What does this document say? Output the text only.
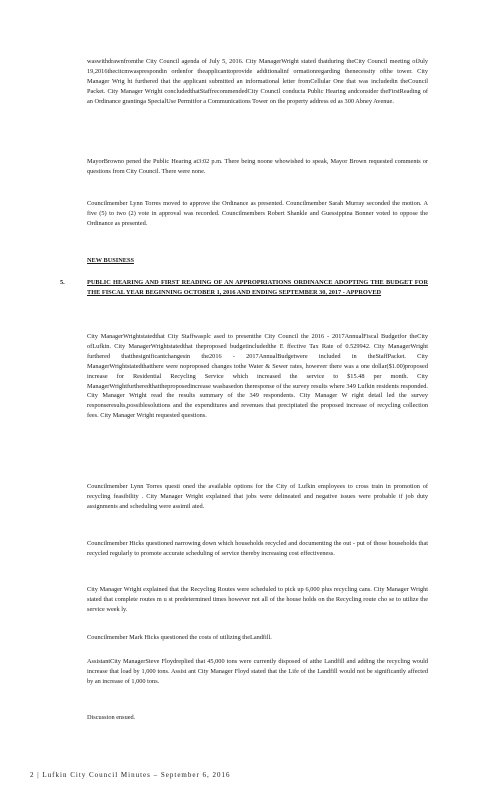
waswithdrawnfromthe City Council agenda of July 5, 2016. City ManagerWright stated thatduring theCity Council meeting ofJuly 19,2016thecitcmwasprespondin ordenfor theapplicanttoprovide additionalinf ormationregarding thenecessity ofthe tower. City Manager Wrig ht furthered that the applicant submitted an informational letter fromCellular One that was includedin theCouncil Packet. City Manager Wright concludedthatStaffrecommendedCity Council conducta Public Hearing andconsider theFirstReading of an Ordinance grantinga SpecialUse Permitfor a Communications Tower on the property address ed as 300 Abney Avenue.

MayorBrowno pened the Public Hearing at3:02 p.m. There being noone whowished to speak, Mayor Brown requested comments or questions from City Council. There were none.

Councilmember Lynn Torres moved to approve the Ordinance as presented. Councilmember Sarah Murray seconded the motion. A five (5) to two (2) vote in approval was recorded. Councilmembers Robert Shankle and Guessippina Bonner voted to oppose the Ordinance as presented.

NEW BUSINESS

5.	PUBLIC HEARING AND FIRST READING OF AN APPROPRIATIONS ORDINANCE ADOPTING THE BUDGET FOR THE FISCAL YEAR BEGINNING OCTOBER 1, 2016 AND ENDING SEPTEMBER 30, 2017 - APPROVED

City ManagerWrightstatedthat City Staffwasplc ased to presentthe City Council the 2016 - 2017AnnualFiscal Budgetfor theCity ofLufkin. City ManagerWrightstatedthat theproposed budgetincludedthe E ffective Tax Rate of 0.529942. City ManagerWright furthered thatthesignificantchangesin the2016 - 2017AnnualBudgetwere included in theStaffPacket. City ManagerWrightstatedthatthere were noproposed changes tothe Water & Sewer rates, however there was a one dollar($1.00)proposed increase for Residential Recycling Service which increased the service to $15.48 per month. City ManagerWrightfurtheredthattheproposedincrease wasbasedon theresponse of the survey results where 349 Lufkin residents responded. City Manager Wright read the results summary of the 349 respondents. City Manager W right detail led the survey responseresults,possiblesolutions and the expenditures and revenues that precipitated the proposed increase of recycling collection fees. City Manager Wright requested questions.

Councilmember Lynn Torres questi oned the available options for the City of Lufkin employees to cross train in promotion of recycling feasibility . City Manager Wright explained that jobs were delineated and negative issues were probable if job duty assignments and scheduling were assimil ated.

Councilmember Hicks questioned narrowing down which households recycled and documenting the out - put of those households that recycled regularly to promote accurate scheduling of service thereby increasing cost effectiveness.

City Manager Wright explained that the Recycling Routes were scheduled to pick up 6,000 plus recycling cans. City Manager Wright stated that complete routes m u st predetermined times however not all of the house holds on the Recycling route cho se to utilize the service week ly.

Councilmember Mark Hicks questioned the costs of utilizing theLandfill.

AssistantCity ManagerSteve Floydreplied that 45,000 tons were currently disposed of atthe Landfill and adding the recycling would increase that load by 1,000 tons. Assist ant City Manager Floyd stated that the Life of the Landfill would not be significantly affected by an increase of 1,000 tons.

Discussion ensued.

2 | Lufkin City Council Minutes – September 6, 2016
